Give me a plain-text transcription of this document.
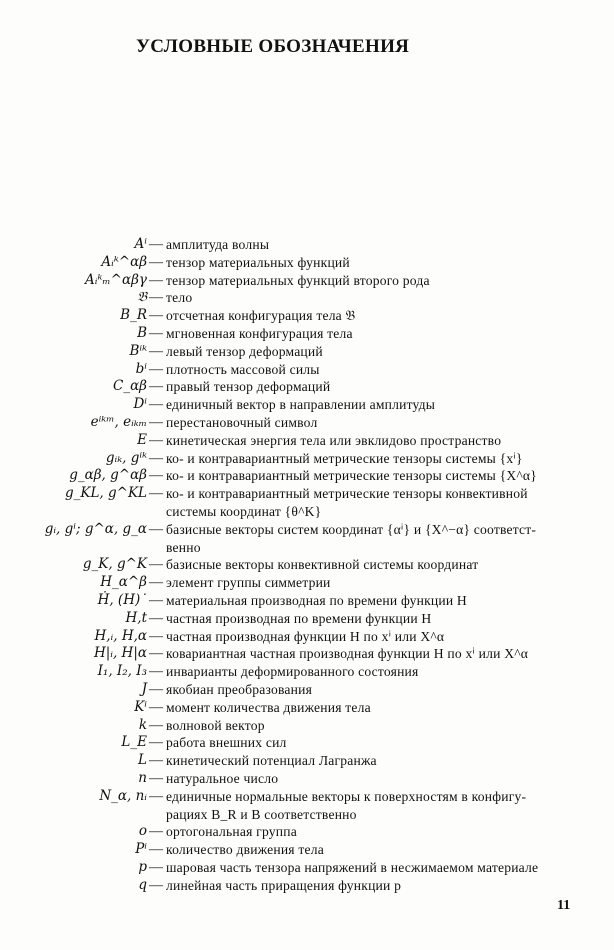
УСЛОВНЫЕ ОБОЗНАЧЕНИЯ
Aⁱ — амплитуда волны
Aᵢᵏ^αβ — тензор материальных функций
Aᵢᵏₘ^αβγ — тензор материальных функций второго рода
𝔅 — тело
B_R — отсчетная конфигурация тела 𝔅
B — мгновенная конфигурация тела
Bⁱᵏ — левый тензор деформаций
bⁱ — плотность массовой силы
C_αβ — правый тензор деформаций
Dⁱ — единичный вектор в направлении амплитуды
eⁱᵏᵐ, eᵢₖₘ — перестановочный символ
E — кинетическая энергия тела или эвклидово пространство
gᵢₖ, gⁱᵏ — ко- и контравариантный метрические тензоры системы {xⁱ}
g_αβ, g^αβ — ко- и контравариантный метрические тензоры системы {X^α}
g_KL, g^KL — ко- и контравариантный метрические тензоры конвективной
системы координат {θ^K}
gᵢ, gⁱ; g^α, g_α — базисные векторы систем координат {αⁱ} и {X^−α} соответст-
венно
g_K, g^K — базисные векторы конвективной системы координат
H_α^β — элемент группы симметрии
Ḣ, (H)˙ — материальная производная по времени функции H
H,t — частная производная по времени функции H
H,ᵢ, H,α — частная производная функции H по xⁱ или X^α
H|ᵢ, H|α — ковариантная частная производная функции H по xⁱ или X^α
I₁, I₂, I₃ — инварианты деформированного состояния
J — якобиан преобразования
Kⁱ — момент количества движения тела
k — волновой вектор
L_E — работа внешних сил
L — кинетический потенциал Лагранжа
n — натуральное число
N_α, nᵢ — единичные нормальные векторы к поверхностям в конфигу-
рациях B_R и B соответственно
o — ортогональная группа
Pⁱ — количество движения тела
p — шаровая часть тензора напряжений в несжимаемом материале
q — линейная часть приращения функции p
11
